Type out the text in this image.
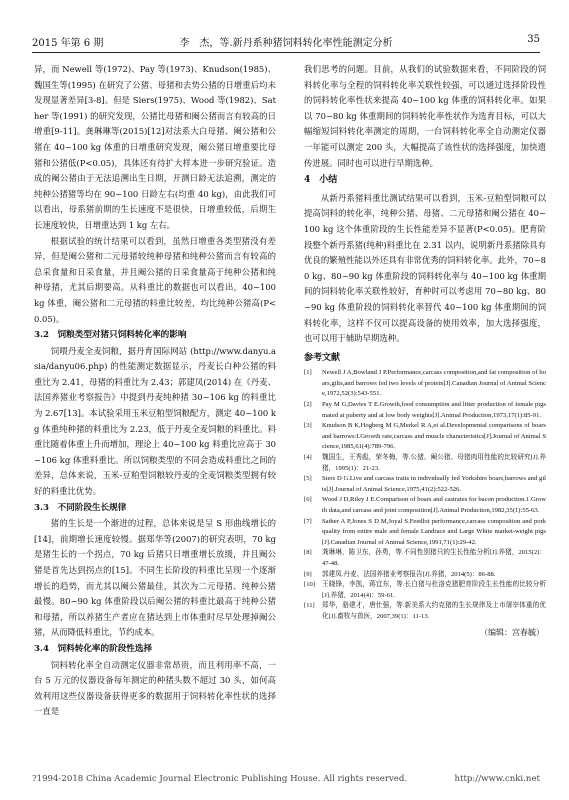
2015 年第 6 期	李　杰，等.新丹系种猪饲料转化率性能测定分析	35

异，而 Newell 等(1972)、Pay 等(1973)、Knudson(1985)、魏国生等(1995) 在研究了公猪、母猪和去势公猪的日增重后均未发现显著差异[3-8]。但是 Siers(1975)、Wood 等(1982)、Sather 等(1991) 的研究发现，公猪比母猪和阉公猪而言有较高的日增重[9-11]。龚琳琳等(2015)[12]对法系大白母猪、阉公猪和公猪在 40~100 kg 体重的日增重研究发现，阉公猪日增重要比母猪和公猪低(P<0.05)，具体还有待扩大样本进一步研究验证。造成的阉公猪由于无法追溯出生日期，开测日龄无法追溯，测定的纯种公猪猪等均在 90~100 日龄左右(均重 40 kg)，由此我们可以看出，母系猪前期的生长速度不是很快，日增重较低，后期生长速度较快，日增重达到 1 kg 左右。

根据试验的统计结果可以看到，虽然日增重各类型猪没有差异，但是阉公猪和二元母猪较纯种母猪和纯种公猪而言有较高的总采食量和日采食量，并且阉公猪的日采食量高于纯种公猪和纯种母猪，尤其后期要高。从料重比的数据也可以看出，40~100 kg 体重，阉公猪和二元母猪的料重比较差，均比纯种公猪高(P<0.05)。

3.2　饲粮类型对猪只饲料转化率的影响

饲喂丹麦全麦饲粮，据丹育国际网站 (http://www.danyu.asia/danyu06.php) 的性能测定数据显示，丹麦长白种公猪的料重比为 2.41，母猪的料重比为 2.43；郭建凤(2014) 在《丹麦、法国养猪业考察报告》中提到丹麦纯种猪 30~106 kg 的料重比为 2.67[13]。本试验采用玉米豆粕型饲粮配方，测定 40~100 kg 体重纯种猪的料重比为 2.23，低于丹麦全麦饲粮的料重比。料重比随着体重上升而增加，理论上 40~100 kg 料重比应高于 30~106 kg 体重料重比。所以饲粮类型的不同会造成料重比之间的差异，总体来说，玉米-豆粕型饲粮较丹麦的全麦饲粮类型拥有较好的料重比优势。

3.3　不同阶段生长规律

猪的生长是一个渐进的过程，总体来说是呈 S 形曲线增长的[14]，前期增长速度较慢。据郑华等(2007)的研究表明，70 kg 是猪生长的一个拐点，70 kg 后猪只日增重增长放缓，并且阉公猪是首先达到拐点的[15]。不同生长阶段的料重比呈现一个逐渐增长的趋势，而尤其以阉公猪最佳，其次为二元母猪、纯种公猪最慢。80~90 kg 体重阶段以后阉公猪的料重比最高于纯种公猪和母猪，所以养猪生产者应在猪达到上市体重时尽早处理掉阉公猪，从而降低料重比，节约成本。

3.4　饲料转化率的阶段性选择

饲料转化率全自动测定仪器非常昂贵，而且利用率不高，一台 5 万元的仪器设备每年测定的种猪头数不超过 30 头，如何高效利用这些仪器设备获得更多的数据用于饲料转化率性状的选择一直是

我们思考的问题。目前，从我们的试验数据来看，不同阶段的饲料转化率与全程的饲料转化率关联性较强，可以通过选择阶段性的饲料转化率性状来提高 40~100 kg 体重的饲料转化率。如果以 70~80 kg 体重期间的饲料转化率性状作为选育目标，可以大幅缩短饲料转化率测定的周期，一台饲料转化率全自动测定仪器一年能可以测定 200 头，大幅提高了该性状的选择强度，加快遗传进展。同时也可以进行早期选种。

4　小结

从新丹系猪料重比测试结果可以看到，玉米-豆粕型饲粮可以提高饲料的转化率，纯种公猪、母猪、二元母猪和阉公猪在 40~100 kg 这个体重阶段的生长性能差异不显著(P<0.05)。肥育阶段整个新丹系猪(纯种)料重比在 2.31 以内，说明新丹系猪除具有优良的繁殖性能以外还具有非常优秀的饲料转化率。此外，70~80 kg、80~90 kg 体重阶段的饲料转化率与 40~100 kg 体重期间的饲料转化率关联性较好，育种时可以考虑用 70~80 kg、80~90 kg 体重阶段的饲料转化率替代 40~100 kg 体重期间的饲料转化率，这样不仅可以提高设备的使用效率，加大选择强度，也可以用于辅助早期选种。

参考文献

[1]	Newell J A,Bowland J P.Performance,carcass composition,and fat composition of boars,gilts,and barrows fed two levels of protein[J].Canadian Journal of Animal Science,1972,52(3):543-551.
[2]	Pay M G,Davies T E.Growth,food consumption and litter production of female pigs mated at puberty and at low body weights[J].Animal Production,1973,17(1):85-91.
[3]	Knudson B K,Hogberg M G,Merkel R A,et al.Developmental comparisons of boars and barrows:I.Growth rate,carcass and muscle characteristics[J].Journal of Animal Science,1985,61(4):789-796.
[4]	魏国生，王秀彪，荣冬梅，等.公猪、阉公猪、母猪肉用性能的比较研究[J].养猪，1995(1)：21-23.
[5]	Siers D G.Live and carcass traits in individually fed Yorkshire boars,barrows and gilts[J].Journal of Animal Science,1975,41(2):522-526.
[6]	Wood J D,Riley J E.Comparison of boars and castrates for bacon production.1.Growth data,and carcass and joint composition[J].Animal Production,1982,35(1):55-63.
[7]	Sather A P,Jones S D M,Joyal S.Feedlot performance,carcass composition and pork quality from entire male and female Landrace and Large White market-weight pigs[J].Canadian Journal of Animal Science,1991,71(1):29-42.
[8]	龚琳琳，陈卫东，孙勇，等.不同性别猪只的生长性能分析[J].养猪，2015(2)：47-48.
[9]	郭建凤.丹麦、法国养猪业考察报告[J].养猪，2014(5)：86-88.
[10]	王晓锋，李凯，蒋宜东，等.长白猪与杜洛克猪肥育阶段生长性能的比较分析[J].养猪，2014(4)：59-61.
[11]	郑华，骆建才，唐仕强，等.新美系大约克猪的生长规律及上市屠宰体重的优化[J].畜牧与兽医，2007,39(1)：11-13.
（编辑：宫春毓）
?1994-2018 China Academic Journal Electronic Publishing House. All rights reserved.	http://www.cnki.net
